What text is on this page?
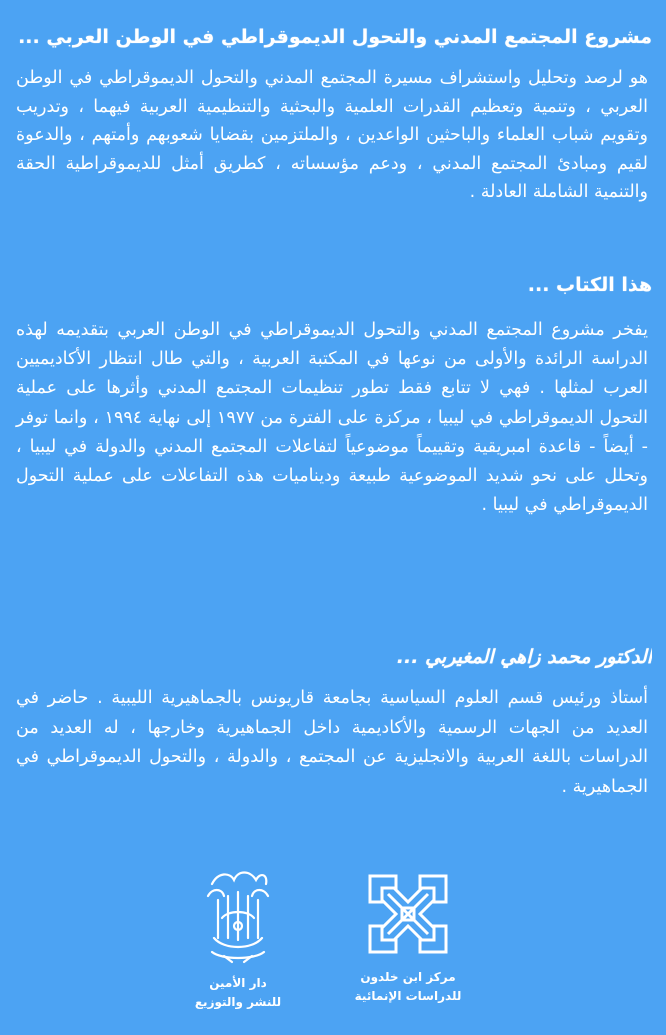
مشروع المجتمع المدني والتحول الديموقراطي في الوطن العربي ...
هو لرصد وتحليل واستشراف مسيرة المجتمع المدني والتحول الديموقراطي في الوطن العربي ، وتنمية وتعظيم القدرات العلمية والبحثية والتنظيمية العربية فيهما ، وتدريب وتقويم شباب العلماء والباحثين الواعدين ، والملتزمين بقضايا شعوبهم وأمتهم ، والدعوة لقيم ومبادئ المجتمع المدني ، ودعم مؤسساته ، كطريق أمثل للديموقراطية الحقة والتنمية الشاملة العادلة .
هذا الكتاب ...
يفخر مشروع المجتمع المدني والتحول الديموقراطي في الوطن العربي بتقديمه لهذه الدراسة الرائدة والأولى من نوعها في المكتبة العربية ، والتي طال انتظار الأكاديميين العرب لمثلها . فهي لا تتابع فقط تطور تنظيمات المجتمع المدني وأثرها على عملية التحول الديموقراطي في ليبيا ، مركزة على الفترة من ١٩٧٧ إلى نهاية ١٩٩٤ ، وانما توفر - أيضاً - قاعدة امبريقية وتقييماً موضوعياً لتفاعلات المجتمع المدني والدولة في ليبيا ، وتحلل على نحو شديد الموضوعية طبيعة وديناميات هذه التفاعلات على عملية التحول الديموقراطي في ليبيا .
الدكتور محمد زاهي المغيربي ...
أستاذ ورئيس قسم العلوم السياسية بجامعة قاريونس بالجماهيرية الليبية . حاضر في العديد من الجهات الرسمية والأكاديمية داخل الجماهيرية وخارجها ، له العديد من الدراسات باللغة العربية والانجليزية عن المجتمع ، والدولة ، والتحول الديموقراطي في الجماهيرية .
دار الأمين
للنشر والتوزيع
مركز ابن خلدون
للدراسات الإنمائية
